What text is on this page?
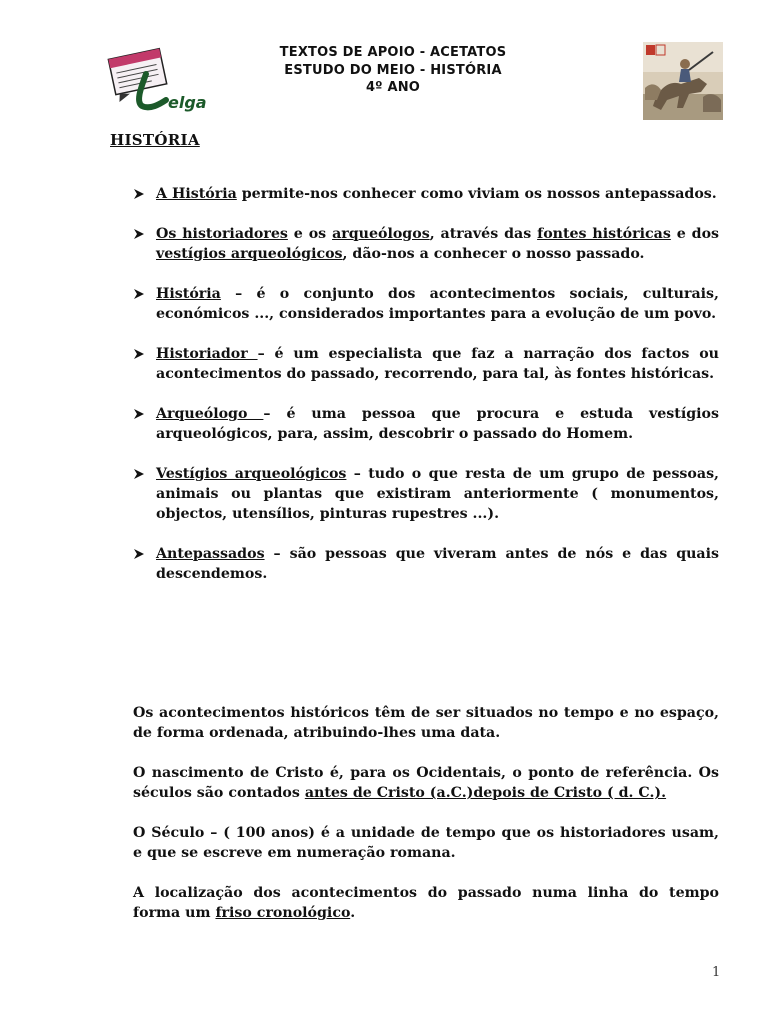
elga
TEXTOS DE APOIO - ACETATOS
ESTUDO DO MEIO - HISTÓRIA
4º ANO
HISTÓRIA
A História permite-nos conhecer como viviam os nossos antepassados.
Os historiadores e os arqueólogos, através das fontes históricas e dos vestígios arqueológicos, dão-nos a conhecer o nosso passado.
História – é o conjunto dos acontecimentos sociais, culturais, económicos ..., considerados importantes para a evolução de um povo.
Historiador – é um especialista que faz a narração dos factos ou acontecimentos do passado, recorrendo, para tal, às fontes históricas.
Arqueólogo – é uma pessoa que procura e estuda vestígios arqueológicos, para, assim, descobrir o passado do Homem.
Vestígios arqueológicos – tudo o que resta de um grupo de pessoas, animais ou plantas que existiram anteriormente ( monumentos, objectos, utensílios, pinturas rupestres ...).
Antepassados – são pessoas que viveram antes de nós e das quais descendemos.

Os acontecimentos históricos têm de ser situados no tempo e no espaço, de forma ordenada, atribuindo-lhes uma data.

O nascimento de Cristo é, para os Ocidentais, o ponto de referência. Os séculos são contados antes de Cristo (a.C.)depois de Cristo ( d. C.).

O Século – ( 100 anos) é a unidade de tempo que os historiadores usam, e que se escreve em numeração romana.

A localização dos acontecimentos do passado numa linha do tempo forma um friso cronológico.

1
